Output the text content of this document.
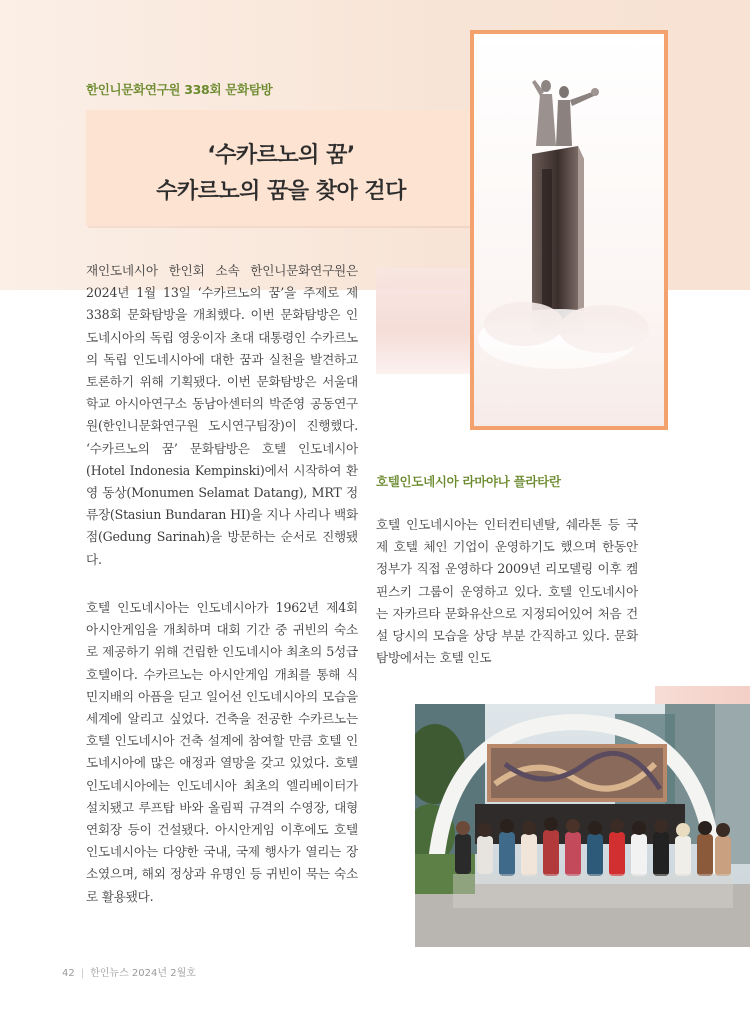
한인니문화연구원 338회 문화탐방
‘수카르노의 꿈’
수카르노의 꿈을 찾아 걷다
재인도네시아 한인회 소속 한인니문화연구원은 2024년 1월 13일 ‘수카르노의 꿈’을 주제로 제338회 문화탐방을 개최했다. 이번 문화탐방은 인도네시아의 독립 영웅이자 초대 대통령인 수카르노의 독립 인도네시아에 대한 꿈과 실천을 발견하고 토론하기 위해 기획됐다. 이번 문화탐방은 서울대학교 아시아연구소 동남아센터의 박준영 공동연구원(한인니문화연구원 도시연구팀장)이 진행했다. ‘수카르노의 꿈’ 문화탐방은 호텔 인도네시아(Hotel Indonesia Kempinski)에서 시작하여 환영 동상(Monumen Selamat Datang), MRT 정류장(Stasiun Bundaran HI)을 지나 사리나 백화점(Gedung Sarinah)을 방문하는 순서로 진행됐다.
호텔 인도네시아는 인도네시아가 1962년 제4회 아시안게임을 개최하며 대회 기간 중 귀빈의 숙소로 제공하기 위해 건립한 인도네시아 최초의 5성급 호텔이다. 수카르노는 아시안게임 개최를 통해 식민지배의 아픔을 딛고 일어선 인도네시아의 모습을 세계에 알리고 싶었다. 건축을 전공한 수카르노는 호텔 인도네시아 건축 설계에 참여할 만큼 호텔 인도네시아에 많은 애정과 열망을 갖고 있었다. 호텔 인도네시아에는 인도네시아 최초의 엘리베이터가 설치됐고 루프탑 바와 올림픽 규격의 수영장, 대형 연회장 등이 건설됐다. 아시안게임 이후에도 호텔 인도네시아는 다양한 국내, 국제 행사가 열리는 장소였으며, 해외 정상과 유명인 등 귀빈이 묵는 숙소로 활용됐다.
호텔인도네시아 라마야나 플라타란
호텔 인도네시아는 인터컨티넨탈, 쉐라톤 등 국제 호텔 체인 기업이 운영하기도 했으며 한동안 정부가 직접 운영하다 2009년 리모델링 이후 켐핀스키 그룹이 운영하고 있다. 호텔 인도네시아는 자카르타 문화유산으로 지정되어있어 처음 건설 당시의 모습을 상당 부분 간직하고 있다. 문화탐방에서는 호텔 인도
42 | 한인뉴스 2024년 2월호
